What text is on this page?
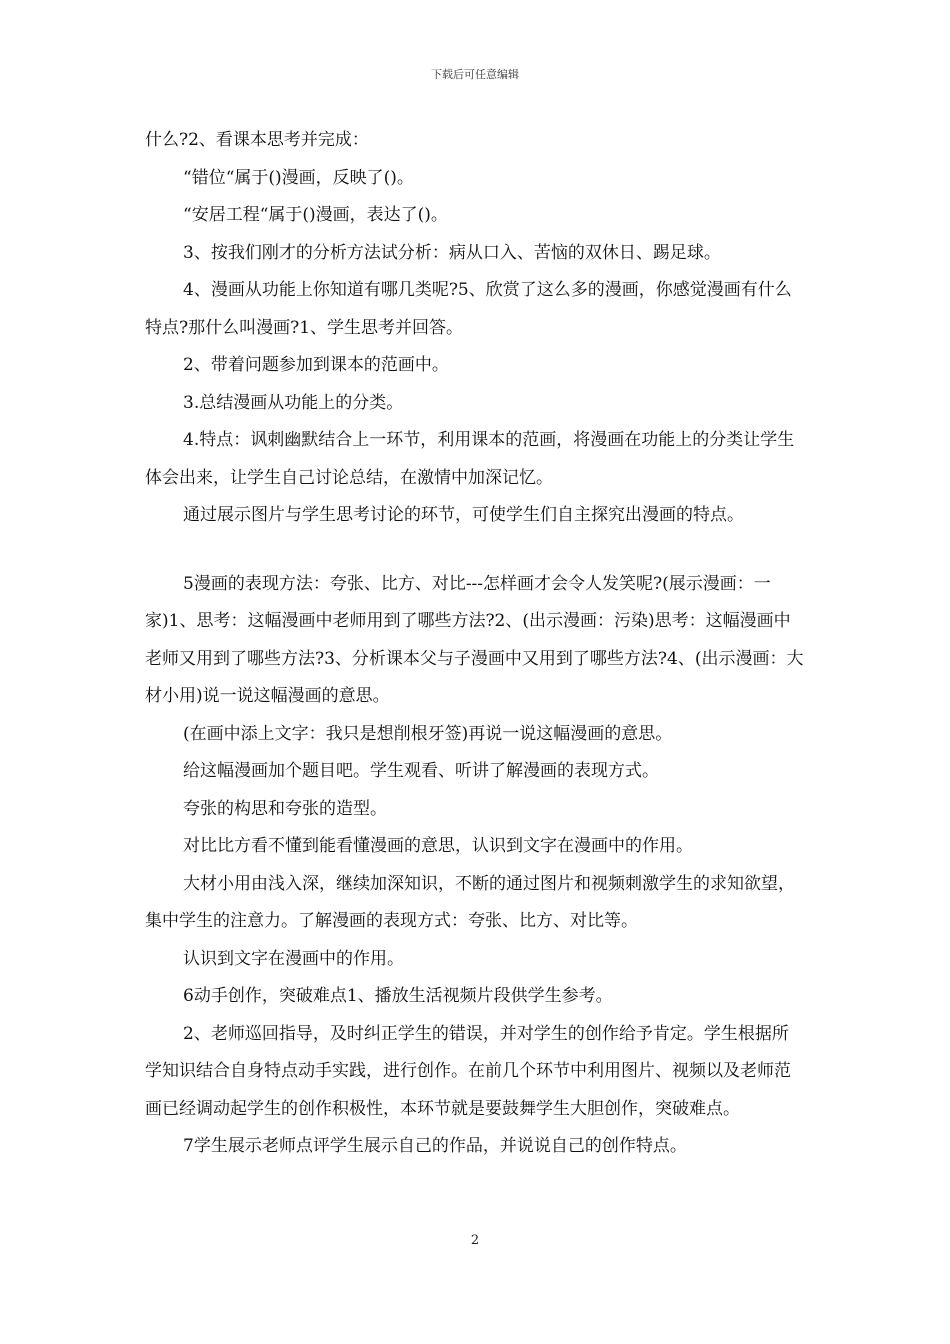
下载后可任意编辑

什么?2、看课本思考并完成：

“错位“属于()漫画，反映了()。

“安居工程“属于()漫画，表达了()。

3、按我们刚才的分析方法试分析：病从口入、苦恼的双休日、踢足球。

4、漫画从功能上你知道有哪几类呢?5、欣赏了这么多的漫画，你感觉漫画有什么特点?那什么叫漫画?1、学生思考并回答。

2、带着问题参加到课本的范画中。

3.总结漫画从功能上的分类。

4.特点：讽刺幽默结合上一环节，利用课本的范画，将漫画在功能上的分类让学生体会出来，让学生自己讨论总结，在激情中加深记忆。

通过展示图片与学生思考讨论的环节，可使学生们自主探究出漫画的特点。

5漫画的表现方法：夸张、比方、对比---怎样画才会令人发笑呢?(展示漫画：一家)1、思考：这幅漫画中老师用到了哪些方法?2、(出示漫画：污染)思考：这幅漫画中老师又用到了哪些方法?3、分析课本父与子漫画中又用到了哪些方法?4、(出示漫画：大材小用)说一说这幅漫画的意思。

(在画中添上文字：我只是想削根牙签)再说一说这幅漫画的意思。

给这幅漫画加个题目吧。学生观看、听讲了解漫画的表现方式。

夸张的构思和夸张的造型。

对比比方看不懂到能看懂漫画的意思，认识到文字在漫画中的作用。

大材小用由浅入深，继续加深知识，不断的通过图片和视频刺激学生的求知欲望，集中学生的注意力。了解漫画的表现方式：夸张、比方、对比等。

认识到文字在漫画中的作用。

6动手创作，突破难点1、播放生活视频片段供学生参考。

2、老师巡回指导，及时纠正学生的错误，并对学生的创作给予肯定。学生根据所学知识结合自身特点动手实践，进行创作。在前几个环节中利用图片、视频以及老师范画已经调动起学生的创作积极性，本环节就是要鼓舞学生大胆创作，突破难点。

7学生展示老师点评学生展示自己的作品，并说说自己的创作特点。

2
